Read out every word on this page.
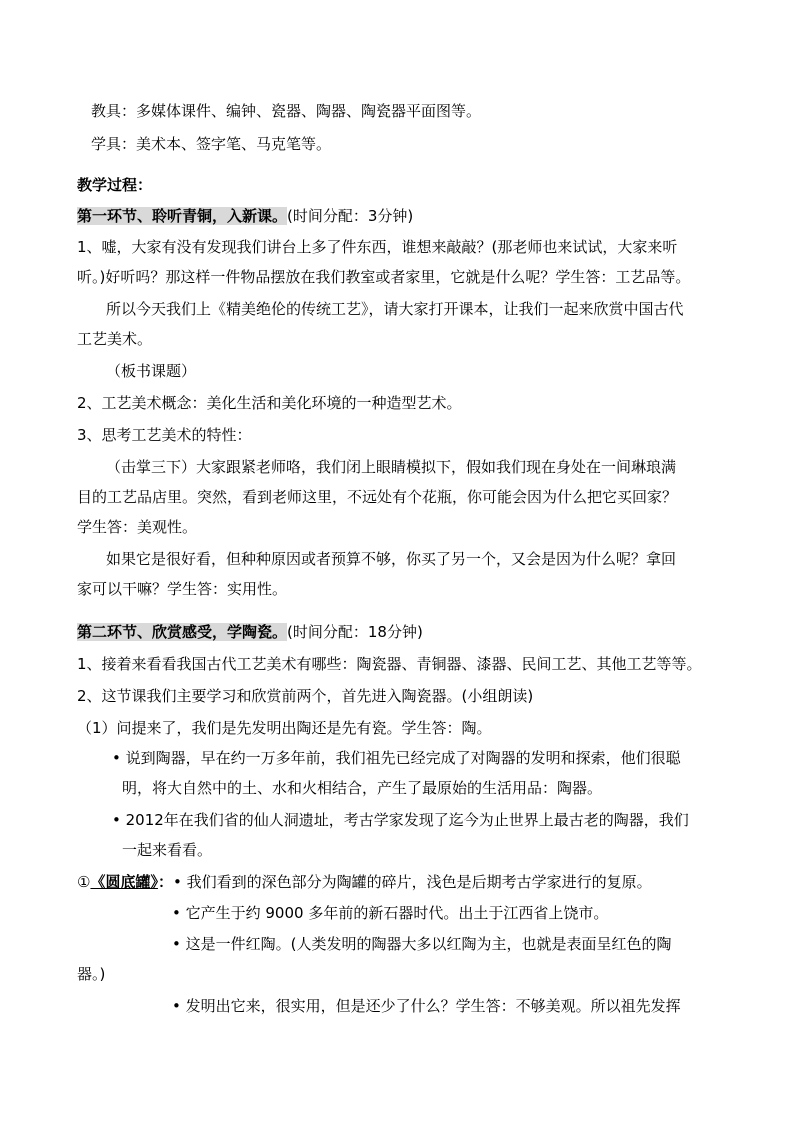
教具：多媒体课件、编钟、瓷器、陶器、陶瓷器平面图等。
学具：美术本、签字笔、马克笔等。
教学过程：
第一环节、聆听青铜，入新课。(时间分配：3分钟)
1、嘘，大家有没有发现我们讲台上多了件东西，谁想来敲敲？(那老师也来试试，大家来听
听。)好听吗？那这样一件物品摆放在我们教室或者家里，它就是什么呢？学生答：工艺品等。
所以今天我们上《精美绝伦的传统工艺》，请大家打开课本，让我们一起来欣赏中国古代
工艺美术。
（板书课题）
2、工艺美术概念：美化生活和美化环境的一种造型艺术。
3、思考工艺美术的特性：
（击掌三下）大家跟紧老师咯，我们闭上眼睛模拟下，假如我们现在身处在一间琳琅满
目的工艺品店里。突然，看到老师这里，不远处有个花瓶，你可能会因为什么把它买回家？
学生答：美观性。
如果它是很好看，但种种原因或者预算不够，你买了另一个，又会是因为什么呢？拿回
家可以干嘛？学生答：实用性。
第二环节、欣赏感受，学陶瓷。(时间分配：18分钟)
1、接着来看看我国古代工艺美术有哪些：陶瓷器、青铜器、漆器、民间工艺、其他工艺等等。
2、这节课我们主要学习和欣赏前两个，首先进入陶瓷器。(小组朗读)
（1）问提来了，我们是先发明出陶还是先有瓷。学生答：陶。
• 说到陶器，早在约一万多年前，我们祖先已经完成了对陶器的发明和探索，他们很聪
明，将大自然中的土、水和火相结合，产生了最原始的生活用品：陶器。
• 2012年在我们省的仙人洞遗址，考古学家发现了迄今为止世界上最古老的陶器，我们
一起来看看。
①《圆底罐》：• 我们看到的深色部分为陶罐的碎片，浅色是后期考古学家进行的复原。
• 它产生于约 9000 多年前的新石器时代。出土于江西省上饶市。
• 这是一件红陶。(人类发明的陶器大多以红陶为主，也就是表面呈红色的陶
器。)
• 发明出它来，很实用，但是还少了什么？学生答：不够美观。所以祖先发挥
